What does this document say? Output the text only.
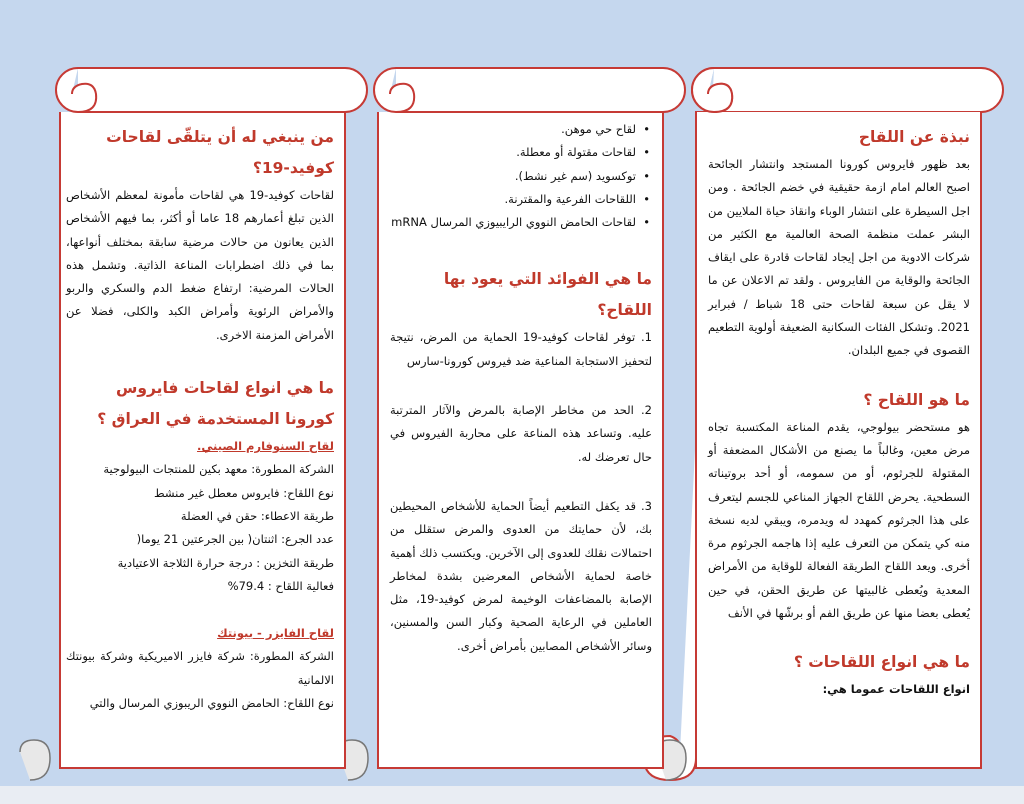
نبذة عن اللقاح

بعد ظهور فايروس كورونا المستجد وانتشار الجائحة اصبح العالم امام ازمة حقيقية في خضم الجائحة . ومن اجل السيطرة على انتشار الوباء وانقاذ حياة الملايين من البشر عملت منظمة الصحة العالمية مع الكثير من شركات الادوية من اجل إيجاد لقاحات قادرة على ايقاف الجائحة والوقاية من الفايروس . ولقد تم الاعلان عن ما لا يقل عن سبعة لقاحات حتى 18 شباط / فبراير 2021. وتشكل الفئات السكانية الضعيفة أولوية التطعيم القصوى في جميع البلدان.

ما هو اللقاح ؟

هو مستحضر بيولوجي، يقدم المناعة المكتسبة تجاه مرض معين، وغالباً ما يصنع من الأشكال المضعفة أو المقتولة للجرثوم، أو من سمومه، أو أحد بروتيناته السطحية. يحرض اللقاح الجهاز المناعي للجسم ليتعرف على هذا الجرثوم كمهدد له ويدمره، ويبقي لديه نسخة منه كي يتمكن من التعرف عليه إذا هاجمه الجرثوم مرة أخرى. ويعد اللقاح الطريقة الفعالة للوقاية من الأمراض المعدية ويُعطى غالبيتها عن طريق الحقن، في حين يُعطى بعضا منها عن طريق الفم أو برشّها في الأنف

ما هي انواع اللقاحات ؟

انواع اللقاحات عموما هي:

• لقاح حي موهن.
• لقاحات مقتولة أو معطلة.
• توكسويد (سم غير نشط).
• اللقاحات الفرعية والمقترنة.
• لقاحات الحامض النووي الرايبيوزي المرسال mRNA
ما هي الفوائد التي يعود بها اللقاح؟

1. توفر لقاحات كوفيد-19 الحماية من المرض، نتيجة لتحفيز الاستجابة المناعية ضد فيروس كورونا-سارس

2. الحد من مخاطر الإصابة بالمرض والآثار المترتبة عليه. وتساعد هذه المناعة على محاربة الفيروس في حال تعرضك له.

3. قد يكفل التطعيم أيضاً الحماية للأشخاص المحيطين بك، لأن حمايتك من العدوى والمرض ستقلل من احتمالات نقلك للعدوى إلى الآخرين. ويكتسب ذلك أهمية خاصة لحماية الأشخاص المعرضين بشدة لمخاطر الإصابة بالمضاعفات الوخيمة لمرض كوفيد-19، مثل العاملين في الرعاية الصحية وكبار السن والمسنين، وسائر الأشخاص المصابين بأمراض أخرى.

من ينبغي له أن يتلقّى لقاحات كوفيد-19؟

لقاحات كوفيد-19 هي لقاحات مأمونة لمعظم الأشخاص الذين تبلغ أعمارهم 18 عاما أو أكثر، بما فيهم الأشخاص الذين يعانون من حالات مرضية سابقة بمختلف أنواعها، بما في ذلك اضطرابات المناعة الذاتية. وتشمل هذه الحالات المرضية: ارتفاع ضغط الدم والسكري والربو والأمراض الرئوية وأمراض الكبد والكلى، فضلا عن الأمراض المزمنة الاخرى.

ما هي انواع لقاحات فايروس كورونا المستخدمة في العراق ؟
لقاح السنوفارم الصيني.

الشركة المطورة: معهد بكين للمنتجات البيولوجية

نوع اللقاح: فايروس معطل غير منشط

طريقة الاعطاء: حقن في العضلة

عدد الجرع: اثنتان( بين الجرعتين 21 يوما(

طريقة التخزين : درجة حرارة الثلاجة الاعتيادية

فعالية اللقاح : 79.4%

لقاح الفايزر - بيونتك

الشركة المطورة: شركة فايزر الاميريكية وشركة بيونتك الالمانية

نوع اللقاح: الحامض النووي الريبوزي المرسال والتي
